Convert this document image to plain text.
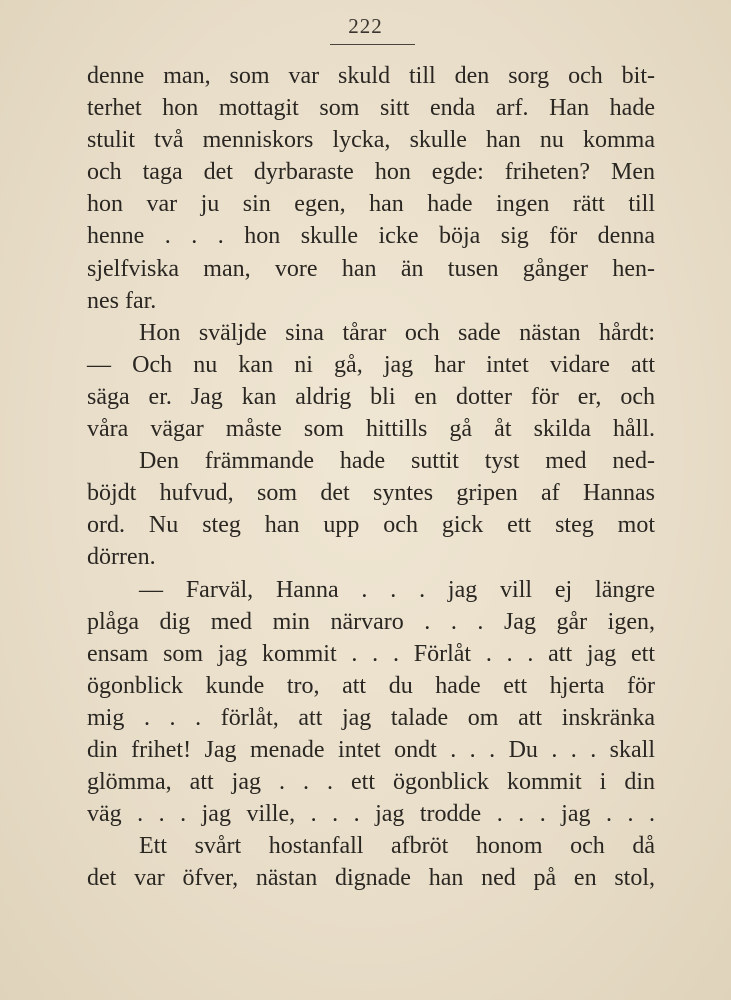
222
denne man, som var skuld till den sorg och bit-
terhet hon mottagit som sitt enda arf. Han hade
stulit två menniskors lycka, skulle han nu komma
och taga det dyrbaraste hon egde: friheten? Men
hon var ju sin egen, han hade ingen rätt till
henne . . . hon skulle icke böja sig för denna
sjelfviska man, vore han än tusen gånger hen-
nes far.
Hon svälјde sina tårar och sade nästan hårdt:
— Och nu kan ni gå, jag har intet vidare att
säga er. Jag kan aldrig bli en dotter för er, och
våra vägar måste som hittills gå åt skilda håll.
Den främmande hade suttit tyst med ned-
böjdt hufvud, som det syntes gripen af Hannas
ord. Nu steg han upp och gick ett steg mot
dörren.
— Farväl, Hanna . . . jag vill ej längre
plåga dig med min närvaro . . . Jag går igen,
ensam som jag kommit . . . Förlåt . . . att jag ett
ögonblick kunde tro, att du hade ett hjerta för
mig . . . förlåt, att jag talade om att inskränka
din frihet! Jag menade intet ondt . . . Du . . . skall
glömma, att jag . . . ett ögonblick kommit i din
väg . . . jag ville, . . . jag trodde . . . jag . . .
Ett svårt hostanfall afbröt honom och då
det var öfver, nästan dignade han ned på en stol,
